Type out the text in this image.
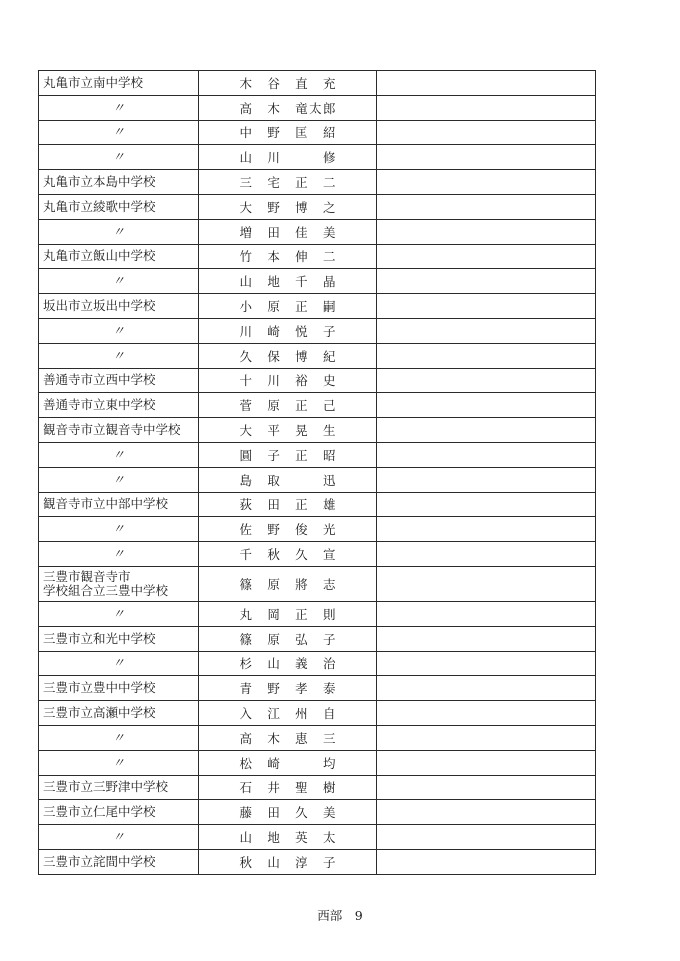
丸亀市立南中学校	木　谷　直　充	
〃	高　木　竜太郎	
〃	中　野　匡　紹	
〃	山　川　　　修	
丸亀市立本島中学校	三　宅　正　二	
丸亀市立綾歌中学校	大　野　博　之	
〃	増　田　佳　美	
丸亀市立飯山中学校	竹　本　伸　二	
〃	山　地　千　晶	
坂出市立坂出中学校	小　原　正　嗣	
〃	川　崎　悦　子	
〃	久　保　博　紀	
善通寺市立西中学校	十　川　裕　史	
善通寺市立東中学校	菅　原　正　己	
観音寺市立観音寺中学校	大　平　晃　生	
〃	圓　子　正　昭	
〃	島　取　　　迅	
観音寺市立中部中学校	荻　田　正　雄	
〃	佐　野　俊　光	
〃	千　秋　久　宣	
三豊市観音寺市
学校組合立三豊中学校	篠　原　將　志	
〃	丸　岡　正　則	
三豊市立和光中学校	篠　原　弘　子	
〃	杉　山　義　治	
三豊市立豊中中学校	青　野　孝　泰	
三豊市立高瀬中学校	入　江　州　自	
〃	高　木　恵　三	
〃	松　崎　　　均	
三豊市立三野津中学校	石　井　聖　樹	
三豊市立仁尾中学校	藤　田　久　美	
〃	山　地　英　太	
三豊市立詫間中学校	秋　山　淳　子	
西部　9
